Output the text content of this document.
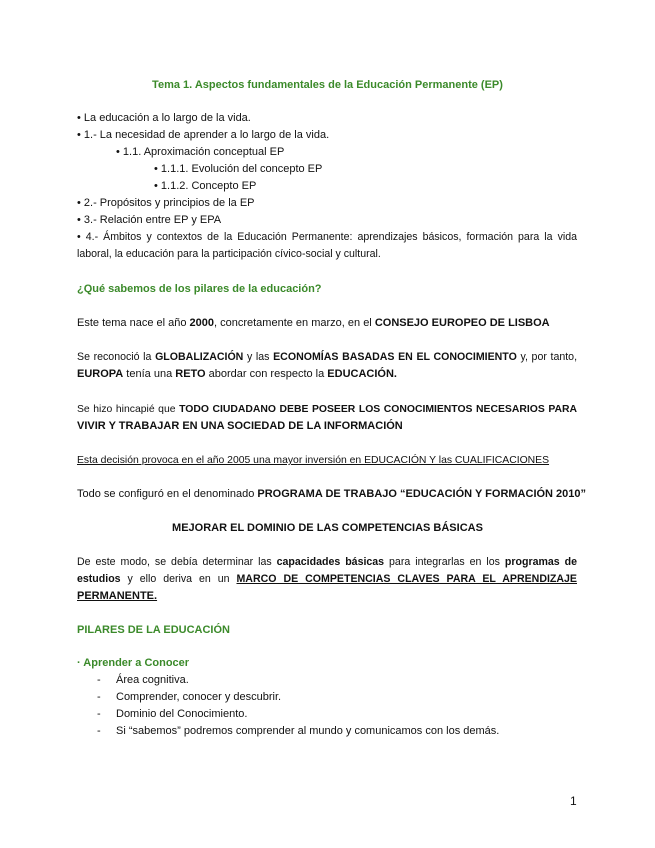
Tema 1. Aspectos fundamentales de la Educación Permanente (EP)
• La educación a lo largo de la vida.
• 1.- La necesidad de aprender a lo largo de la vida.
• 1.1. Aproximación conceptual EP
• 1.1.1. Evolución del concepto EP
• 1.1.2. Concepto EP
• 2.- Propósitos y principios de la EP
• 3.- Relación entre EP y EPA
• 4.- Ámbitos y contextos de la Educación Permanente: aprendizajes básicos, formación para la vida
laboral, la educación para la participación cívico-social y cultural.
¿Qué sabemos de los pilares de la educación?
Este tema nace el año 2000, concretamente en marzo, en el CONSEJO EUROPEO DE LISBOA
Se reconoció la GLOBALIZACIÓN y las ECONOMÍAS BASADAS EN EL CONOCIMIENTO y, por tanto,
EUROPA tenía una RETO abordar con respecto la EDUCACIÓN.
Se hizo hincapié que TODO CIUDADANO DEBE POSEER LOS CONOCIMIENTOS NECESARIOS PARA
VIVIR Y TRABAJAR EN UNA SOCIEDAD DE LA INFORMACIÓN
Esta decisión provoca en el año 2005 una mayor inversión en EDUCACIÓN Y las CUALIFICACIONES
Todo se configuró en el denominado PROGRAMA DE TRABAJO “EDUCACIÓN Y FORMACIÓN 2010”
MEJORAR EL DOMINIO DE LAS COMPETENCIAS BÁSICAS
De este modo, se debía determinar las capacidades básicas para integrarlas en los programas de
estudios y ello deriva en un MARCO DE COMPETENCIAS CLAVES PARA EL APRENDIZAJE
PERMANENTE.
PILARES DE LA EDUCACIÓN
· Aprender a Conocer
- Área cognitiva.
- Comprender, conocer y descubrir.
- Dominio del Conocimiento.
- Si “sabemos” podremos comprender al mundo y comunicamos con los demás.
1
